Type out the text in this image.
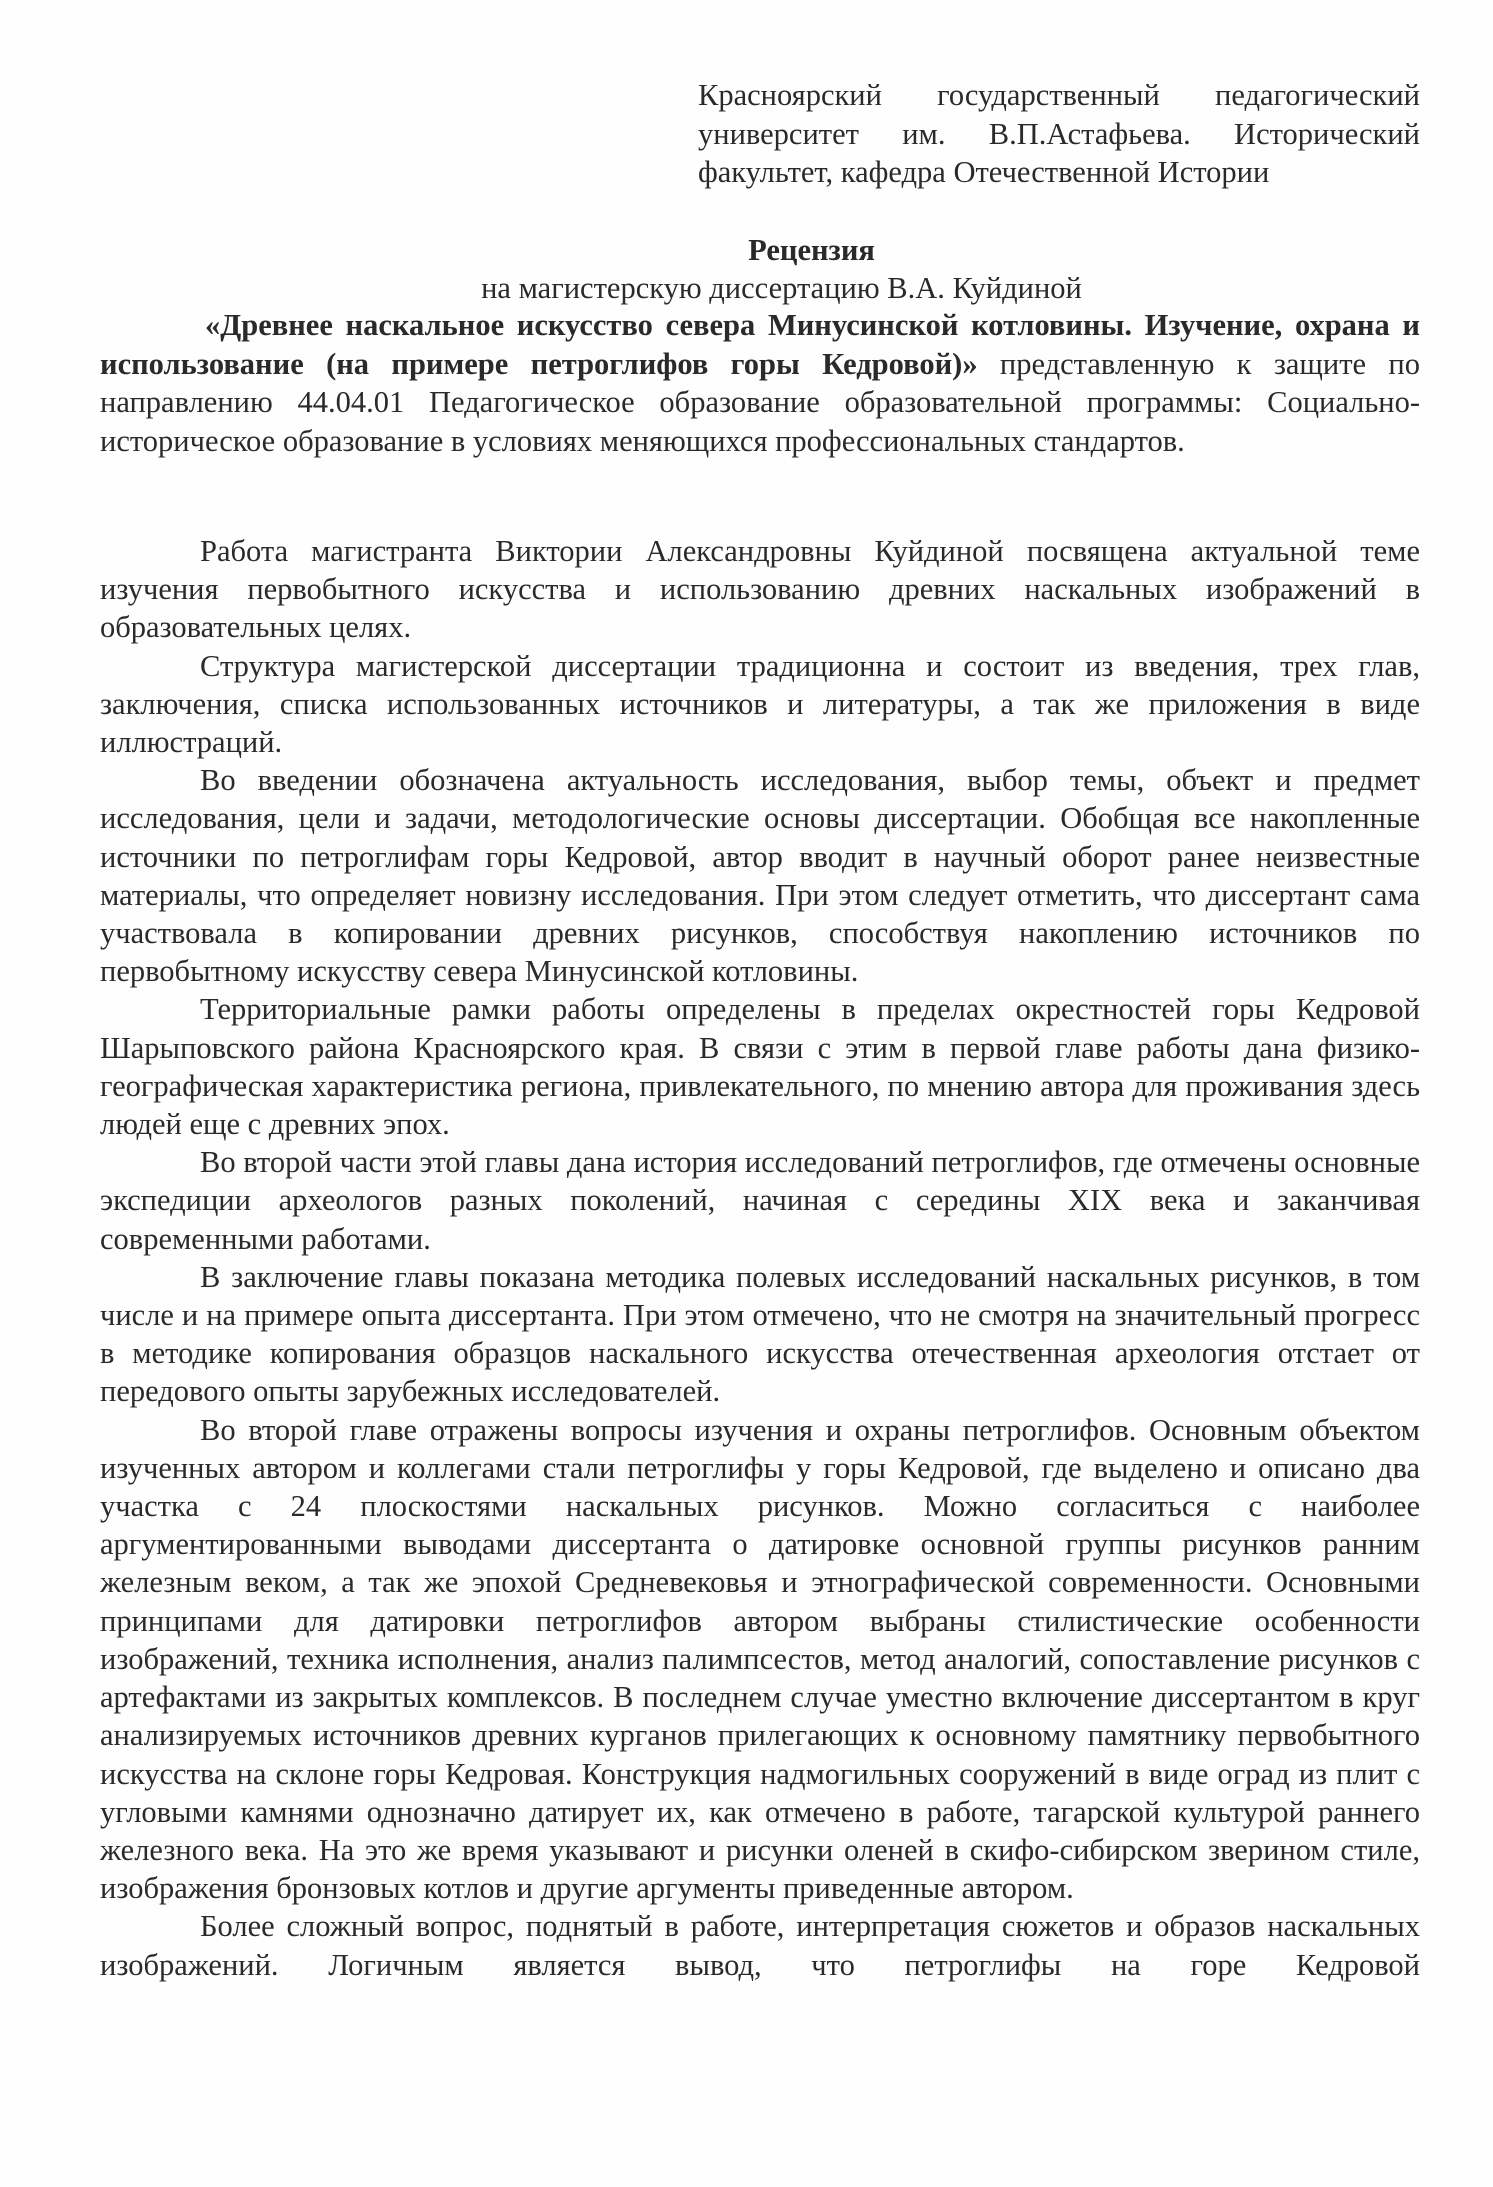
Красноярский государственный педагогический университет им. В.П.Астафьева. Исторический факультет, кафедра Отечественной Истории
Рецензия
на магистерскую диссертацию В.А. Куйдиной
«Древнее наскальное искусство севера Минусинской котловины. Изучение, охрана и использование (на примере петроглифов горы Кедровой)» представленную к защите по направлению 44.04.01 Педагогическое образование образовательной программы: Социально-историческое образование в условиях меняющихся профессиональных стандартов.

Работа магистранта Виктории Александровны Куйдиной посвящена актуальной теме изучения первобытного искусства и использованию древних наскальных изображений в образовательных целях.

Структура магистерской диссертации традиционна и состоит из введения, трех глав, заключения, списка использованных источников и литературы, а так же приложения в виде иллюстраций.

Во введении обозначена актуальность исследования, выбор темы, объект и предмет исследования, цели и задачи, методологические основы диссертации. Обобщая все накопленные источники по петроглифам горы Кедровой, автор вводит в научный оборот ранее неизвестные материалы, что определяет новизну исследования. При этом следует отметить, что диссертант сама участвовала в копировании древних рисунков, способствуя накоплению источников по первобытному искусству севера Минусинской котловины.

Территориальные рамки работы определены в пределах окрестностей горы Кедровой Шарыповского района Красноярского края. В связи с этим в первой главе работы дана физико-географическая характеристика региона, привлекательного, по мнению автора для проживания здесь людей еще с древних эпох.

Во второй части этой главы дана история исследований петроглифов, где отмечены основные экспедиции археологов разных поколений, начиная с середины XIX века и заканчивая современными работами.

В заключение главы показана методика полевых исследований наскальных рисунков, в том числе и на примере опыта диссертанта. При этом отмечено, что не смотря на значительный прогресс в методике копирования образцов наскального искусства отечественная археология отстает от передового опыты зарубежных исследователей.

Во второй главе отражены вопросы изучения и охраны петроглифов. Основным объектом изученных автором и коллегами стали петроглифы у горы Кедровой, где выделено и описано два участка с 24 плоскостями наскальных рисунков. Можно согласиться с наиболее аргументированными выводами диссертанта о датировке основной группы рисунков ранним железным веком, а так же эпохой Средневековья и этнографической современности. Основными принципами для датировки петроглифов автором выбраны стилистические особенности изображений, техника исполнения, анализ палимпсестов, метод аналогий, сопоставление рисунков с артефактами из закрытых комплексов. В последнем случае уместно включение диссертантом в круг анализируемых источников древних курганов прилегающих к основному памятнику первобытного искусства на склоне горы Кедровая. Конструкция надмогильных сооружений в виде оград из плит с угловыми камнями однозначно датирует их, как отмечено в работе, тагарской культурой раннего железного века. На это же время указывают и рисунки оленей в скифо-сибирском зверином стиле, изображения бронзовых котлов и другие аргументы приведенные автором.

Более сложный вопрос, поднятый в работе, интерпретация сюжетов и образов наскальных изображений. Логичным является вывод, что петроглифы на горе Кедровой
